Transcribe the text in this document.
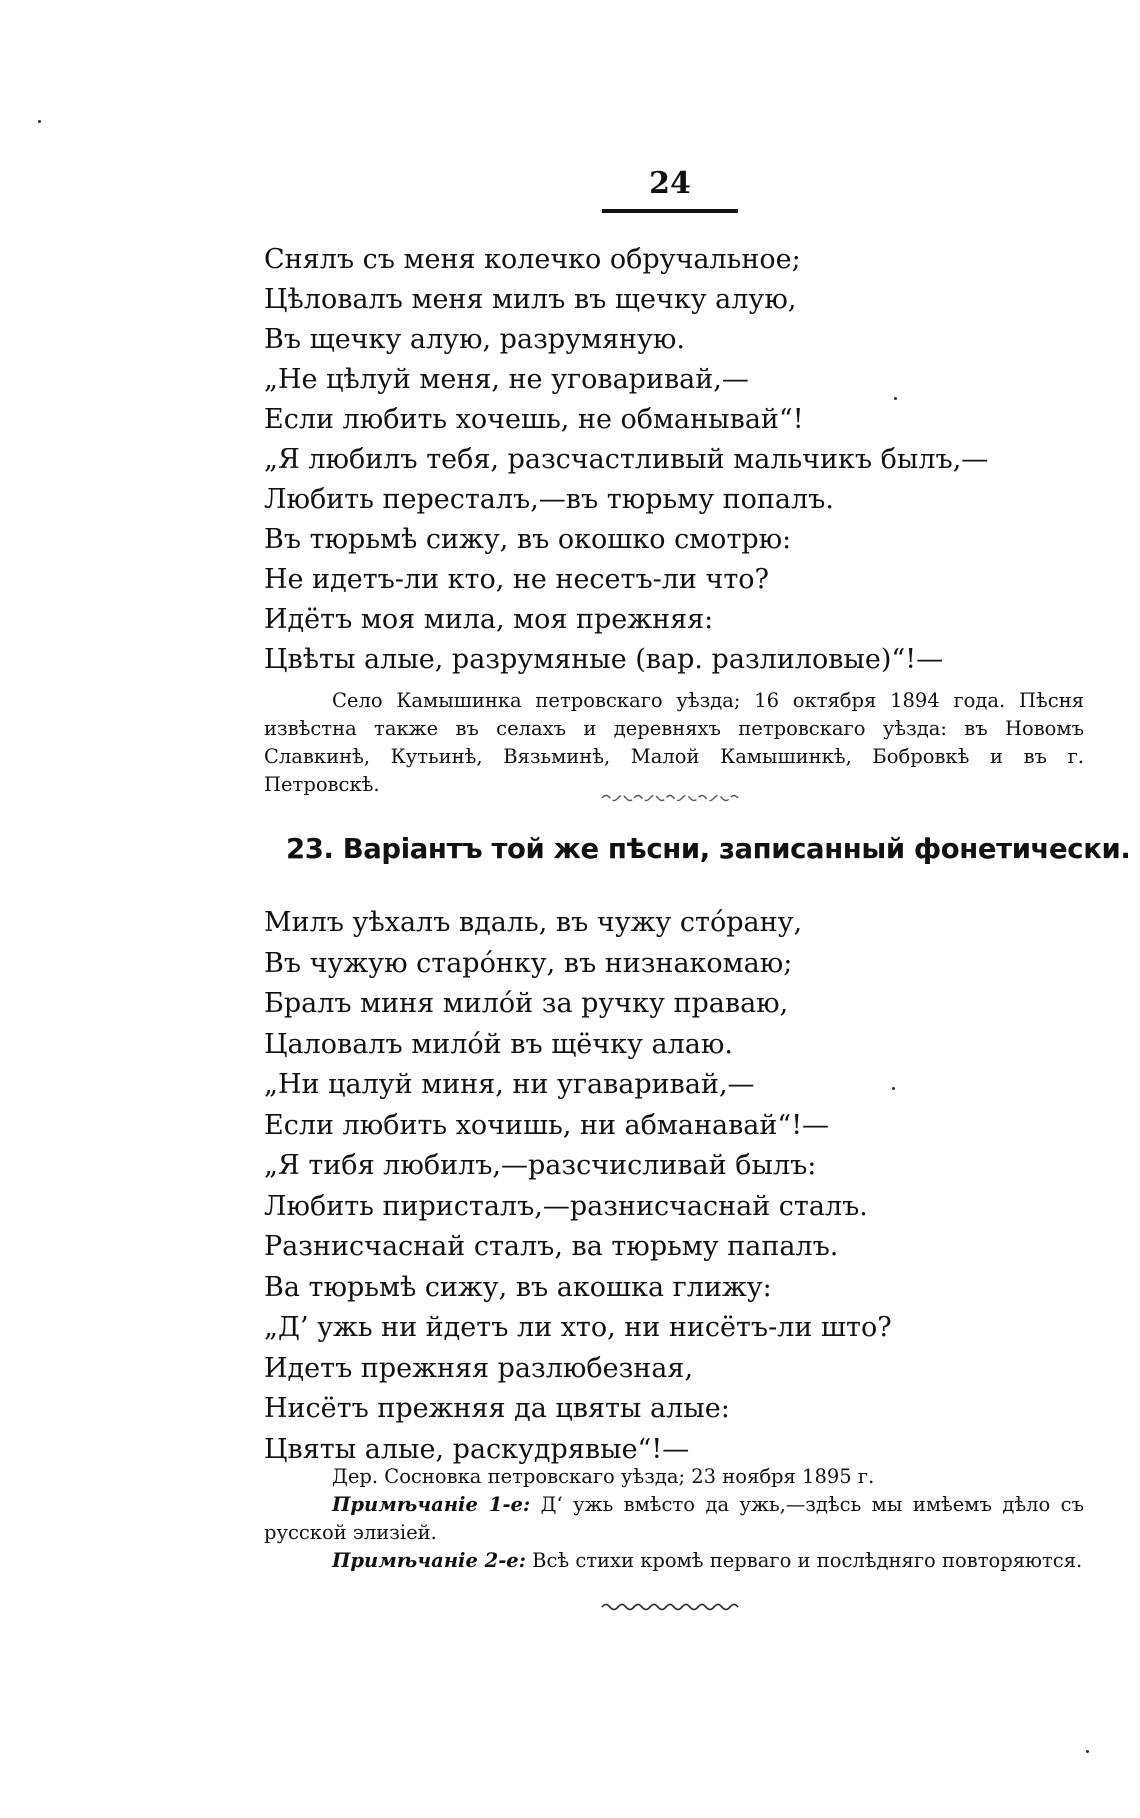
24
Снялъ съ меня колечко обручальное;
Цѣловалъ меня милъ въ щечку алую,
Въ щечку алую, разрумяную.
„Не цѣлуй меня, не уговаривай,—
Если любить хочешь, не обманывай“!
„Я любилъ тебя, разсчастливый мальчикъ былъ,—
Любить пересталъ,—въ тюрьму попалъ.
Въ тюрьмѣ сижу, въ окошко смотрю:
Не идетъ-ли кто, не несетъ-ли что?
Идётъ моя мила, моя прежняя:
Цвѣты алые, разрумяные (вар. разлиловые)“!—
Село Камышинка петровскаго уѣзда; 16 октября 1894 года. Пѣсня извѣстна также въ селахъ и деревняхъ петровскаго уѣзда: въ Новомъ Славкинѣ, Кутьинѣ, Вязьминѣ, Малой Камышинкѣ, Бобровкѣ и въ г. Петровскѣ.
23. Варіантъ той же пѣсни, записанный фонетически.
Милъ уѣхалъ вдаль, въ чужу стóрану,
Въ чужую старóнку, въ низнакомаю;
Бралъ миня милóй за ручку праваю,
Цаловалъ милóй въ щёчку алаю.
„Ни цалуй миня, ни угаваривай,—
Если любить хочишь, ни абманавай“!—
„Я тибя любилъ,—разсчисливай былъ:
Любить пиристалъ,—разнисчаснай сталъ.
Разнисчаснай сталъ, ва тюрьму папалъ.
Ва тюрьмѣ сижу, въ акошка глижу:
„Д’ ужь ни йдетъ ли хто, ни нисётъ-ли што?
Идетъ прежняя разлюбезная,
Нисётъ прежняя да цвяты алые:
Цвяты алые, раскудрявые“!—
Дер. Сосновка петровскаго уѣзда; 23 ноября 1895 г.
Примѣчаніе 1-е: Д‘ ужь вмѣсто да ужь,—здѣсь мы имѣемъ дѣло съ русской элизіей.
Примѣчаніе 2-е: Всѣ стихи кромѣ перваго и послѣдняго повторяются.
